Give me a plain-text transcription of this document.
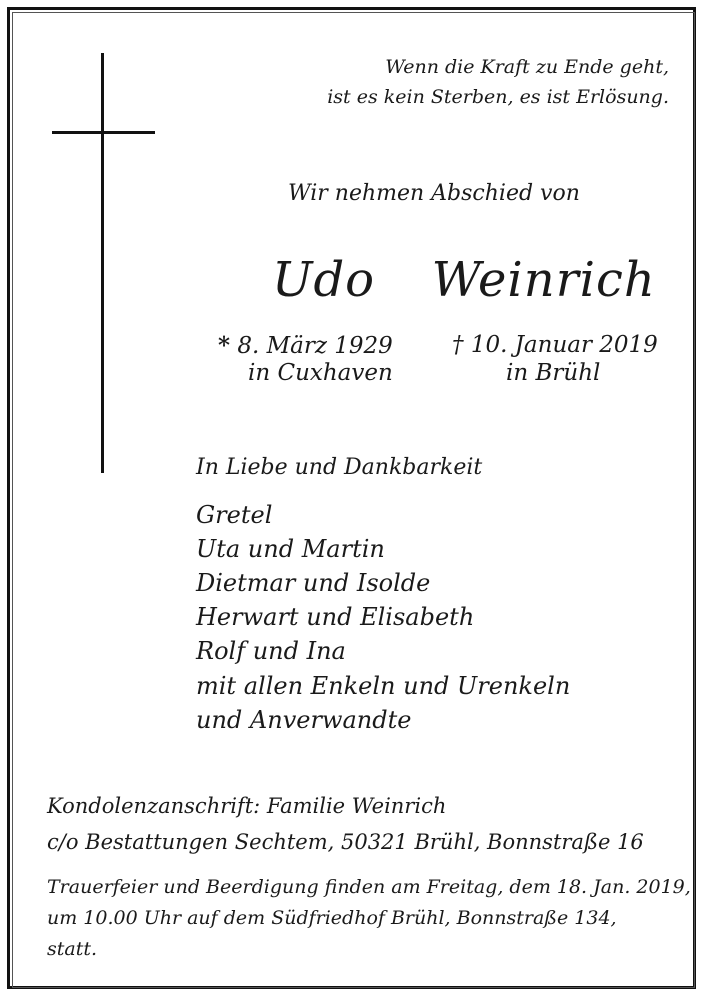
Wenn die Kraft zu Ende geht,
ist es kein Sterben, es ist Erlösung.
Wir nehmen Abschied von
Udo  Weinrich
* 8. März 1929
in Cuxhaven
† 10. Januar 2019
in Brühl
In Liebe und Dankbarkeit
Gretel
Uta und Martin
Dietmar und Isolde
Herwart und Elisabeth
Rolf und Ina
mit allen Enkeln und Urenkeln
und Anverwandte
Kondolenzanschrift: Familie Weinrich
c/o Bestattungen Sechtem, 50321 Brühl, Bonnstraße 16
Trauerfeier und Beerdigung finden am Freitag, dem 18. Jan. 2019,
um 10.00 Uhr auf dem Südfriedhof Brühl, Bonnstraße 134,
statt.
